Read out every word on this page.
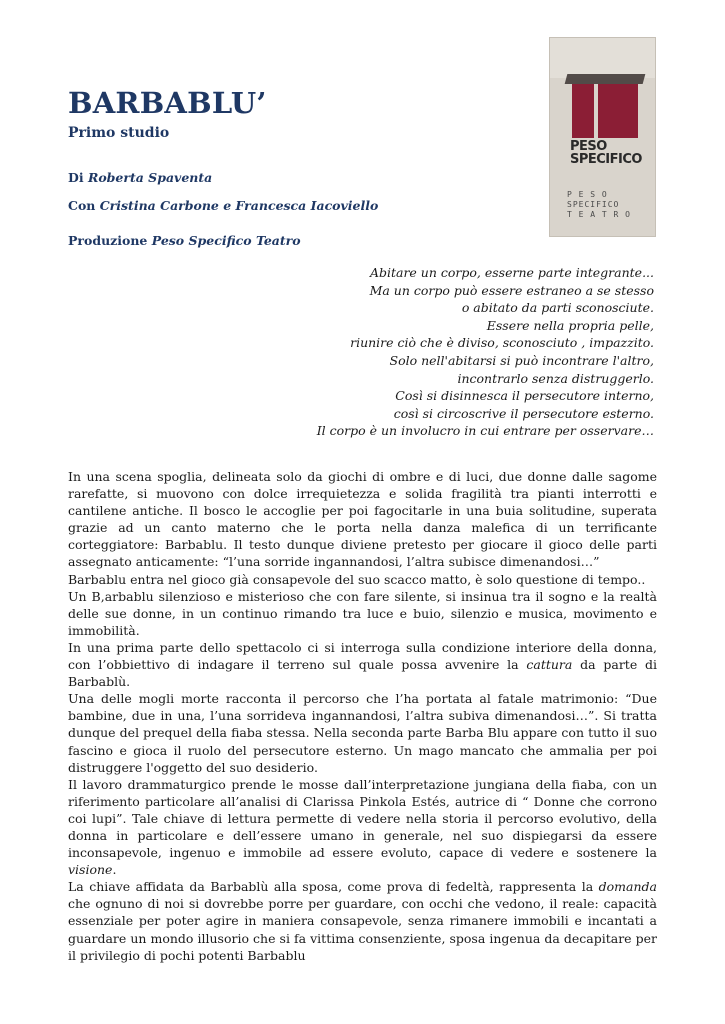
BARBABLU’
Primo studio
Di Roberta Spaventa
Con Cristina Carbone e Francesca Iacoviello
Produzione Peso Specifico Teatro
PESO
SPECIFICO
P E S O
SPECIFICO
T E A T R O
Abitare un corpo, esserne parte integrante...
Ma un corpo può essere estraneo a se stesso
o abitato da parti sconosciute.
Essere nella propria pelle,
riunire ciò che è diviso, sconosciuto , impazzito.
Solo nell'abitarsi si può incontrare l'altro,
incontrarlo senza distruggerlo.
Così si disinnesca il persecutore interno,
così si circoscrive il persecutore esterno.
Il corpo è un involucro in cui entrare per osservare…

In una scena spoglia, delineata solo da giochi di ombre e di luci, due donne dalle sagome rarefatte, si muovono con dolce irrequietezza e solida fragilità tra pianti interrotti e cantilene antiche. Il bosco le accoglie per poi fagocitarle in una buia solitudine, superata grazie ad un canto materno che le porta nella danza malefica di un terrificante corteggiatore: Barbablu. Il testo dunque diviene pretesto per giocare il gioco delle parti assegnato anticamente: “l’una sorride ingannandosi, l’altra subisce dimenandosi…”

Barbablu entra nel gioco già consapevole del suo scacco matto, è solo questione di tempo..

Un B,arbablu silenzioso e misterioso che con fare silente, si insinua tra il sogno e la realtà delle sue donne, in un continuo rimando tra luce e buio, silenzio e musica, movimento e immobilità.

In una prima parte dello spettacolo ci si interroga sulla condizione interiore della donna, con l’obbiettivo di indagare il terreno sul quale possa avvenire la cattura da parte di Barbablù.

Una delle mogli morte racconta il percorso che l’ha portata al fatale matrimonio: “Due bambine, due in una, l’una sorrideva ingannandosi, l’altra subiva dimenandosi…”. Si tratta dunque del prequel della fiaba stessa. Nella seconda parte Barba Blu appare con tutto il suo fascino e gioca il ruolo del persecutore esterno. Un mago mancato che ammalia per poi distruggere l'oggetto del suo desiderio.

Il lavoro drammaturgico prende le mosse dall’interpretazione jungiana della fiaba, con un riferimento particolare all’analisi di Clarissa Pinkola Estés, autrice di “ Donne che corrono coi lupi”. Tale chiave di lettura permette di vedere nella storia il percorso evolutivo, della donna in particolare e dell’essere umano in generale, nel suo dispiegarsi da essere inconsapevole, ingenuo e immobile ad essere evoluto, capace di vedere e sostenere la visione.

La chiave affidata da Barbablù alla sposa, come prova di fedeltà, rappresenta la domanda che ognuno di noi si dovrebbe porre per guardare, con occhi che vedono, il reale: capacità essenziale per poter agire in maniera consapevole, senza rimanere immobili e incantati a guardare un mondo illusorio che si fa vittima consenziente, sposa ingenua da decapitare per il privilegio di pochi potenti Barbablu
